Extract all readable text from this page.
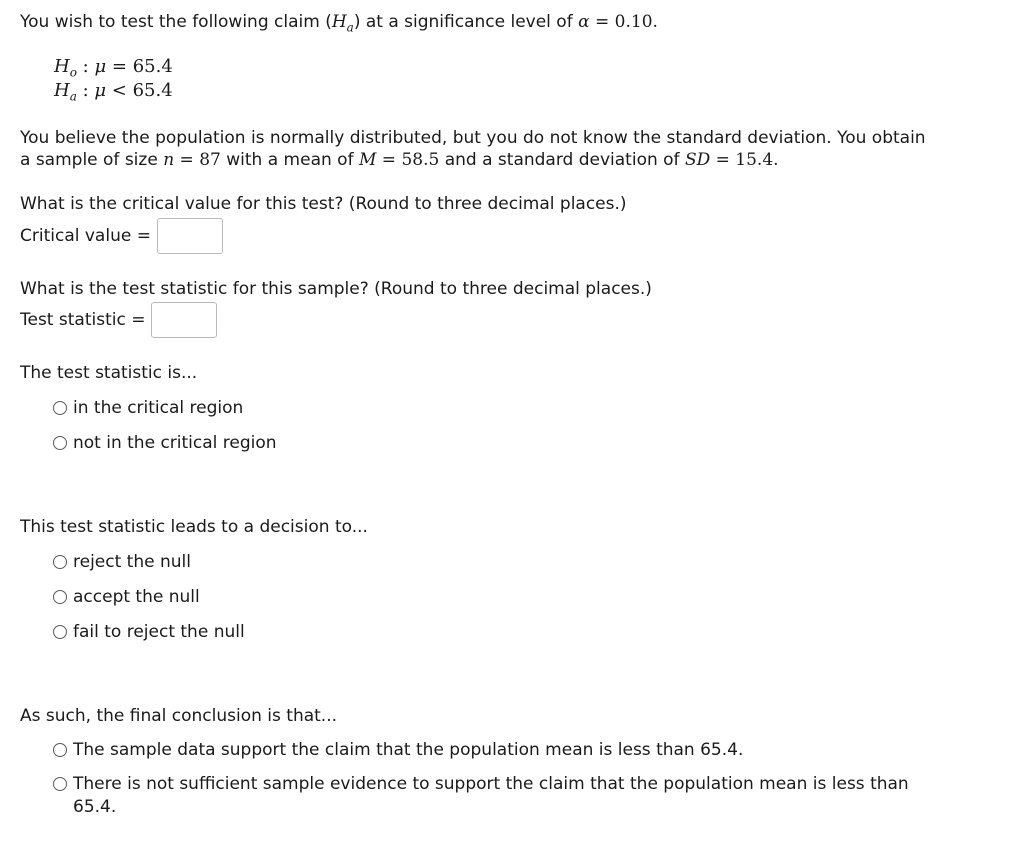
You wish to test the following claim $(H_a)$ at a significance level of α = 0.10.
$H_o$ : μ = 65.4
$H_a$ : μ < 65.4
You believe the population is normally distributed, but you do not know the standard deviation. You obtain
a sample of size n = 87 with a mean of M = 58.5 and a standard deviation of SD = 15.4.
What is the critical value for this test? (Round to three decimal places.)
Critical value =
What is the test statistic for this sample? (Round to three decimal places.)
Test statistic =
The test statistic is...
in the critical region
not in the critical region
This test statistic leads to a decision to...
reject the null
accept the null
fail to reject the null
As such, the final conclusion is that...
The sample data support the claim that the population mean is less than 65.4.
There is not sufficient sample evidence to support the claim that the population mean is less than 65.4.
